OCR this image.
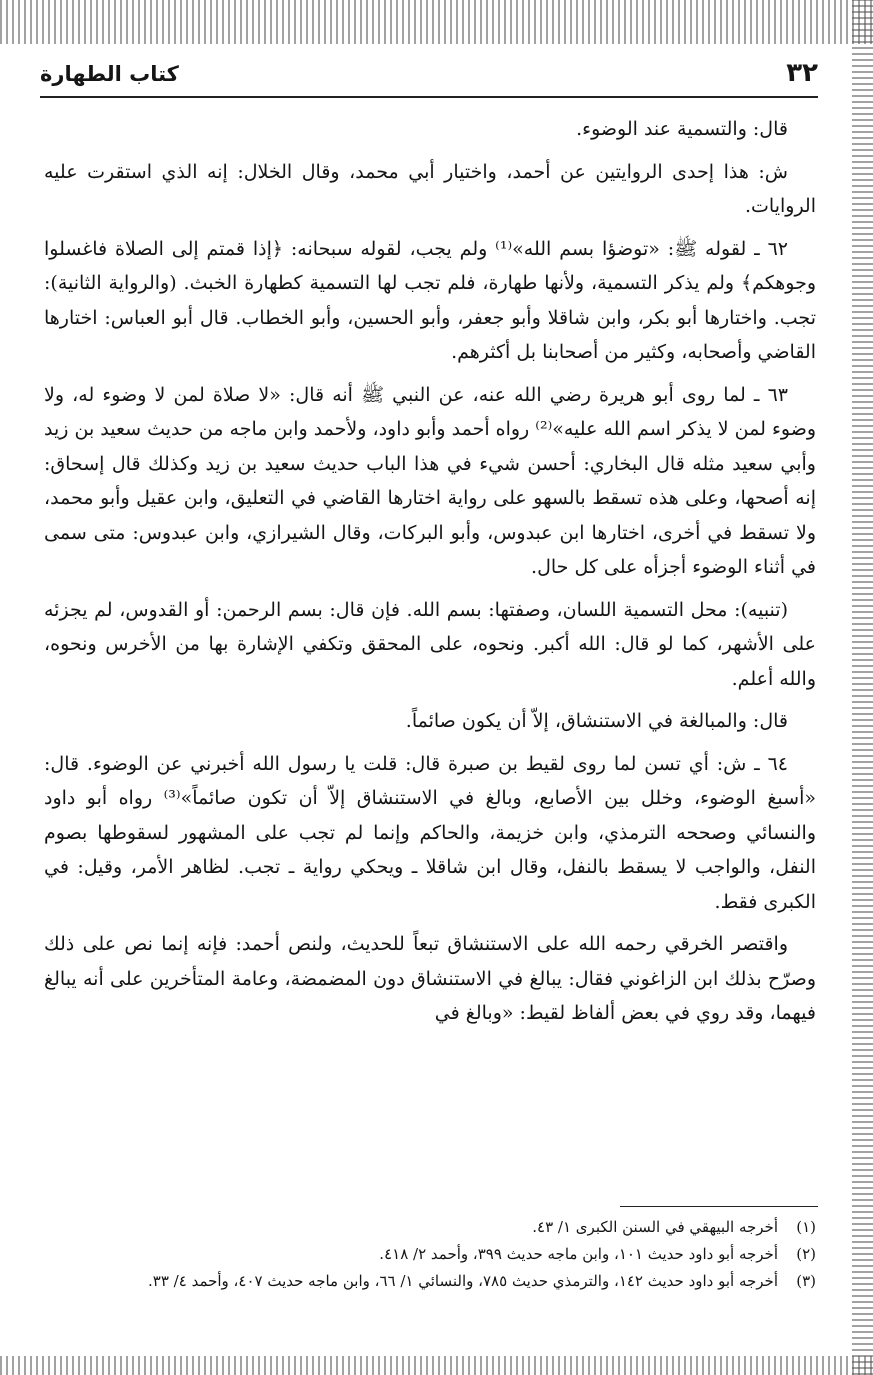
٣٢
كتاب الطهارة

قال: والتسمية عند الوضوء.

ش: هذا إحدى الروايتين عن أحمد، واختيار أبي محمد، وقال الخلال: إنه الذي استقرت عليه الروايات.

٦٢ ـ لقوله ﷺ: «توضؤا بسم الله»⁽¹⁾ ولم يجب، لقوله سبحانه: ﴿إذا قمتم إلى الصلاة فاغسلوا وجوهكم﴾ ولم يذكر التسمية، ولأنها طهارة، فلم تجب لها التسمية كطهارة الخبث. (والرواية الثانية): تجب. واختارها أبو بكر، وابن شاقلا وأبو جعفر، وأبو الحسين، وأبو الخطاب. قال أبو العباس: اختارها القاضي وأصحابه، وكثير من أصحابنا بل أكثرهم.

٦٣ ـ لما روى أبو هريرة رضي الله عنه، عن النبي ﷺ أنه قال: «لا صلاة لمن لا وضوء له، ولا وضوء لمن لا يذكر اسم الله عليه»⁽²⁾ رواه أحمد وأبو داود، ولأحمد وابن ماجه من حديث سعيد بن زيد وأبي سعيد مثله قال البخاري: أحسن شيء في هذا الباب حديث سعيد بن زيد وكذلك قال إسحاق: إنه أصحها، وعلى هذه تسقط بالسهو على رواية اختارها القاضي في التعليق، وابن عقيل وأبو محمد، ولا تسقط في أخرى، اختارها ابن عبدوس، وأبو البركات، وقال الشيرازي، وابن عبدوس: متى سمى في أثناء الوضوء أجزأه على كل حال.

(تنبيه): محل التسمية اللسان، وصفتها: بسم الله. فإن قال: بسم الرحمن: أو القدوس، لم يجزئه على الأشهر، كما لو قال: الله أكبر. ونحوه، على المحقق وتكفي الإشارة بها من الأخرس ونحوه، والله أعلم.

قال: والمبالغة في الاستنشاق، إلاّ أن يكون صائماً.

٦٤ ـ ش: أي تسن لما روى لقيط بن صبرة قال: قلت يا رسول الله أخبرني عن الوضوء. قال: «أسبغ الوضوء، وخلل بين الأصابع، وبالغ في الاستنشاق إلاّ أن تكون صائماً»⁽³⁾ رواه أبو داود والنسائي وصححه الترمذي، وابن خزيمة، والحاكم وإنما لم تجب على المشهور لسقوطها بصوم النفل، والواجب لا يسقط بالنفل، وقال ابن شاقلا ـ ويحكي رواية ـ تجب. لظاهر الأمر، وقيل: في الكبرى فقط.

واقتصر الخرقي رحمه الله على الاستنشاق تبعاً للحديث، ولنص أحمد: فإنه إنما نص على ذلك وصرّح بذلك ابن الزاغوني فقال: يبالغ في الاستنشاق دون المضمضة، وعامة المتأخرين على أنه يبالغ فيهما، وقد روي في بعض ألفاظ لقيط: «وبالغ في

(١)
أخرجه البيهقي في السنن الكبرى ١/ ٤٣.
(٢)
أخرجه أبو داود حديث ١٠١، وابن ماجه حديث ٣٩٩، وأحمد ٢/ ٤١٨.
(٣)
أخرجه أبو داود حديث ١٤٢، والترمذي حديث ٧٨٥، والنسائي ١/ ٦٦، وابن ماجه حديث ٤٠٧، وأحمد ٤/ ٣٣.
